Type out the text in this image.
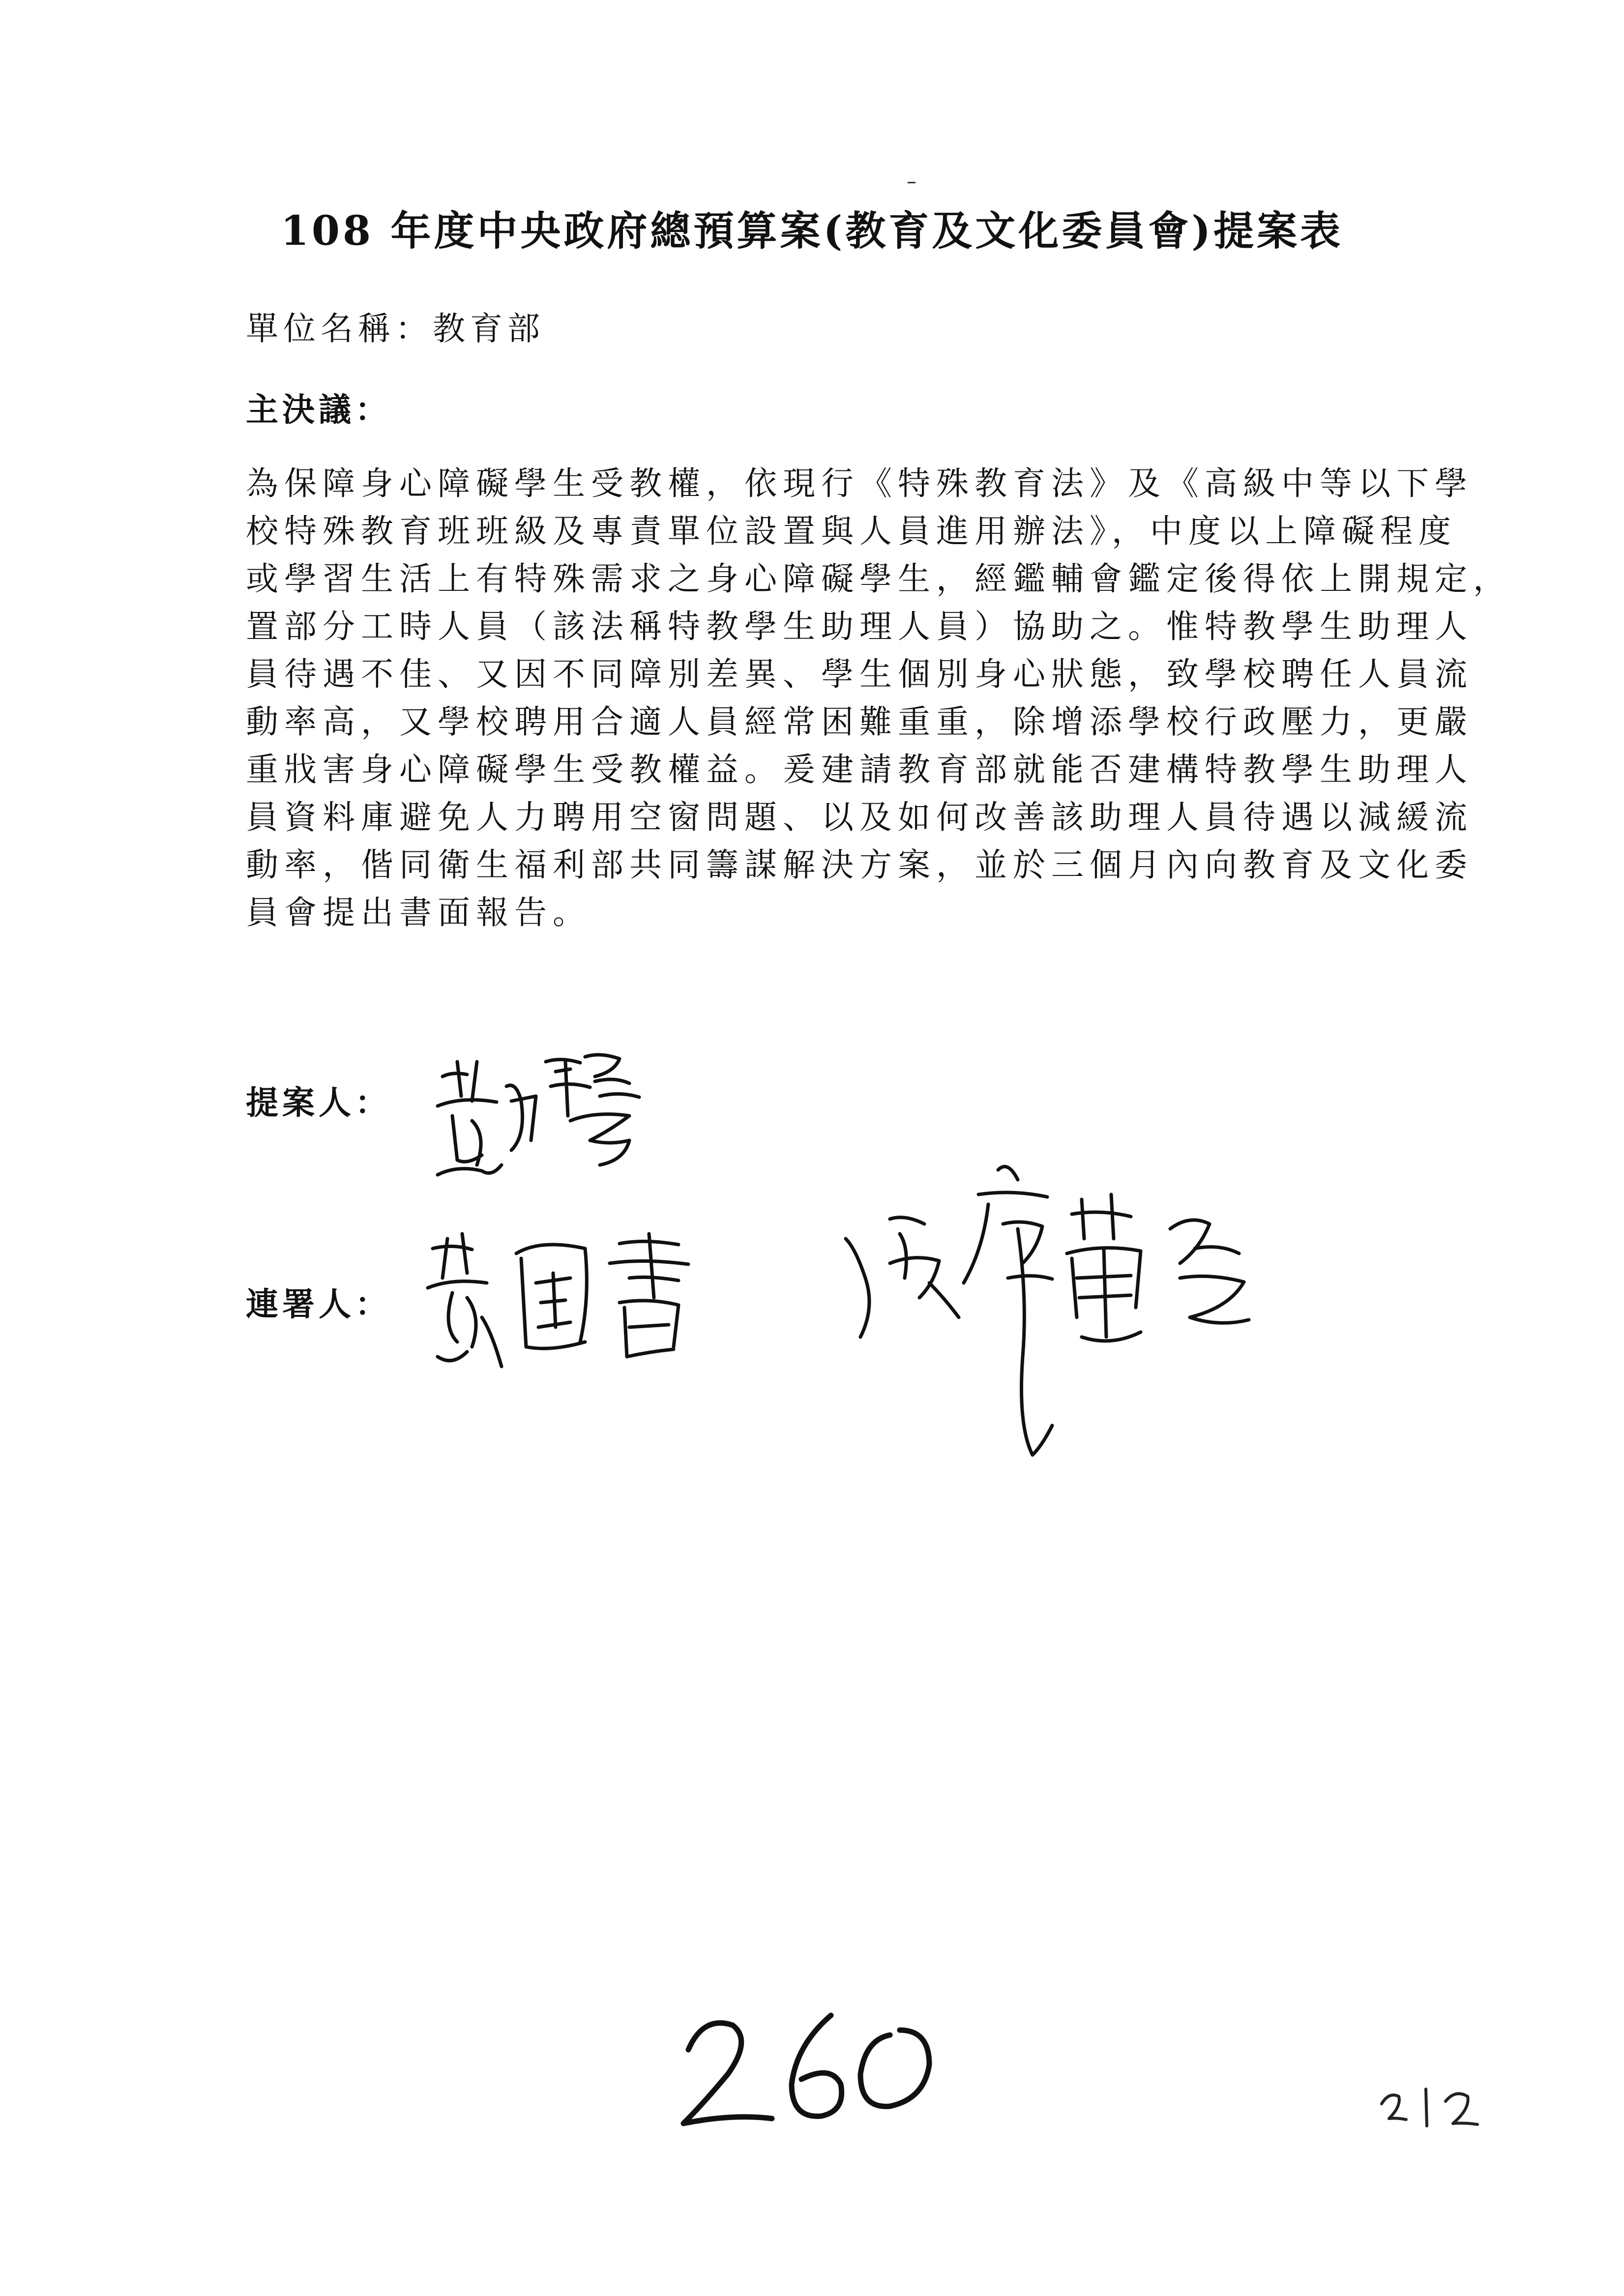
108 年度中央政府總預算案(教育及文化委員會)提案表
單位名稱：教育部
主決議：
為保障身心障礙學生受教權，依現行《特殊教育法》及《高級中等以下學
校特殊教育班班級及專責單位設置與人員進用辦法》，中度以上障礙程度
或學習生活上有特殊需求之身心障礙學生，經鑑輔會鑑定後得依上開規定，
置部分工時人員（該法稱特教學生助理人員）協助之。惟特教學生助理人
員待遇不佳、又因不同障別差異、學生個別身心狀態，致學校聘任人員流
動率高，又學校聘用合適人員經常困難重重，除增添學校行政壓力，更嚴
重戕害身心障礙學生受教權益。爰建請教育部就能否建構特教學生助理人
員資料庫避免人力聘用空窗問題、以及如何改善該助理人員待遇以減緩流
動率，偕同衛生福利部共同籌謀解決方案，並於三個月內向教育及文化委
員會提出書面報告。
提案人：
連署人：
260
212
